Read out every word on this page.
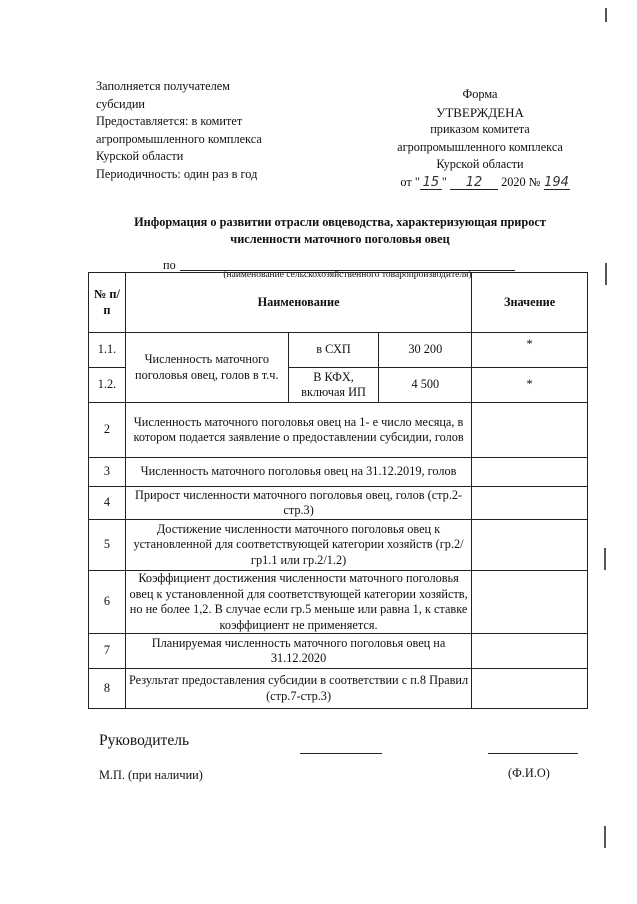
Заполняется получателем
субсидии
Предоставляется: в комитет
агропромышленного комплекса
Курской области
Периодичность: один раз в год
Форма
УТВЕРЖДЕНА
приказом комитета
агропромышленного комплекса
Курской области
от " 15 " 12 2020 № 194
Информация о развитии отрасли овцеводства, характеризующая прирост
численности маточного поголовья овец
по
(наименование сельскохозяйственного товаропроизводителя)
№ п/п	Наименование			Значение
1.1.	Численность маточного поголовья овец, голов в т.ч.	в СХП	30 200	*
1.2.		В КФХ, включая ИП	4 500	*
2	Численность маточного поголовья овец на 1- е число месяца, в котором подается заявление о предоставлении субсидии, голов			
3	Численность маточного поголовья овец на 31.12.2019, голов			
4	Прирост численности маточного поголовья овец, голов (стр.2-стр.3)			
5	Достижение численности маточного поголовья овец к установленной для соответствующей категории хозяйств (гр.2/гр1.1 или гр.2/1.2)			
6	Коэффициент достижения численности маточного поголовья овец к установленной для соответствующей категории хозяйств, но не более 1,2. В случае если гр.5 меньше или равна 1, к ставке коэффициент не применяется.			
7	Планируемая численность маточного поголовья овец на 31.12.2020			
8	Результат предоставления субсидии в соответствии с п.8 Правил (стр.7-стр.3)			
Руководитель
М.П. (при наличии)	(Ф.И.О)
